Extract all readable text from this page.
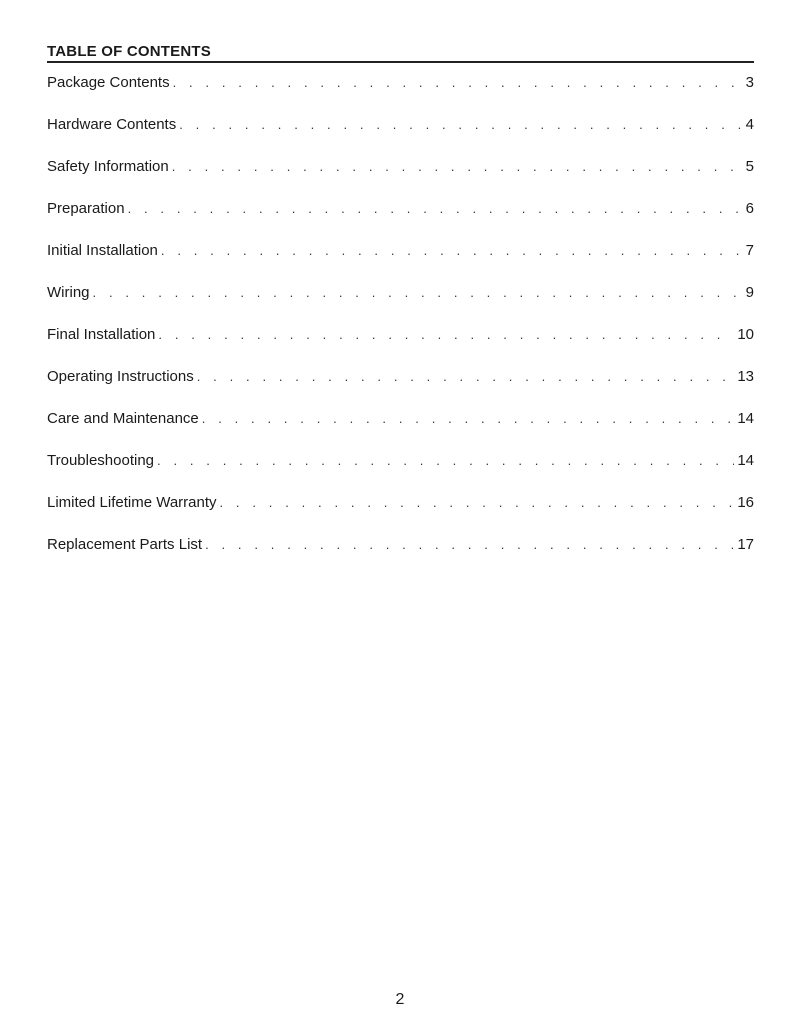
TABLE OF CONTENTS
Package Contents . . .	3
Hardware Contents . . .	4
Safety Information . . .	5
Preparation . . .	6
Initial Installation . . .	7
Wiring . . .	9
Final Installation . . .	10
Operating Instructions . . .	13
Care and Maintenance . . .	14
Troubleshooting . . .	14
Limited Lifetime Warranty . . .	16
Replacement Parts List . . .	17
2
